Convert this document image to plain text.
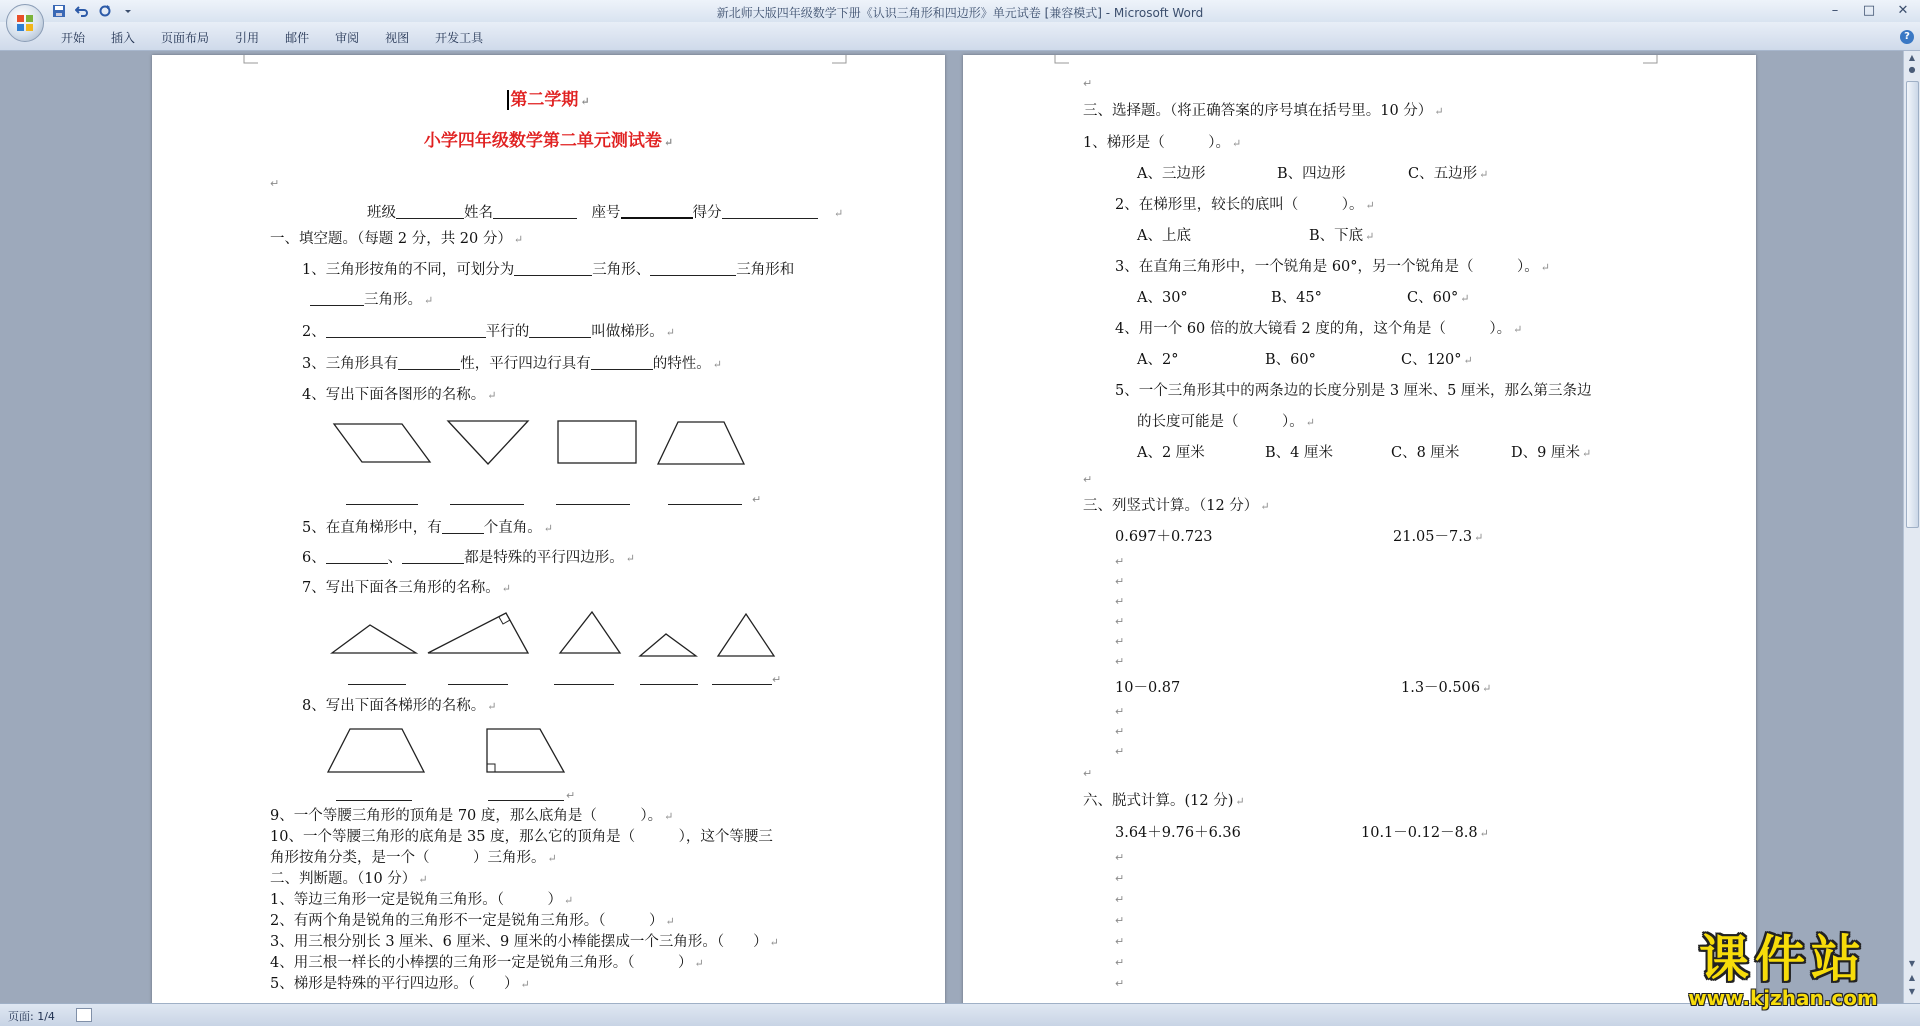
新北师大版四年级数学下册《认识三角形和四边形》单元试卷 [兼容模式] - Microsoft Word	–	□	✕
开始	插入	页面布局	引用	邮件	审阅	视图	开发工具	?
第二学期 ↵
小学四年级数学第二单元测试卷 ↵
↵
班级	姓名　	座号	得分　	↵
一、填空题。（每题 2 分，共 20 分） ↵
1、三角形按角的不同，可划分为	三角形、	三角形和
三角形。 ↵
2、	平行的	叫做梯形。 ↵
3、三角形具有	性，平行四边行具有	的特性。 ↵
4、写出下面各图形的名称。 ↵
↵
5、在直角梯形中，有	个直角。 ↵
6、	、	都是特殊的平行四边形。 ↵
7、写出下面各三角形的名称。 ↵
↵
8、写出下面各梯形的名称。 ↵
↵
9、一个等腰三角形的顶角是 70 度，那么底角是（　　　）。 ↵
10、一个等腰三角形的底角是 35 度，那么它的顶角是（　　　），这个等腰三
角形按角分类，是一个（　　　）三角形。 ↵
二、判断题。（10 分） ↵
1、等边三角形一定是锐角三角形。（　　　） ↵
2、有两个角是锐角的三角形不一定是锐角三角形。（　　　） ↵
3、用三根分别长 3 厘米、6 厘米、9 厘米的小棒能摆成一个三角形。（　　） ↵
4、用三根一样长的小棒摆的三角形一定是锐角三角形。（　　　） ↵
5、梯形是特殊的平行四边形。（　　） ↵
↵
三、选择题。（将正确答案的序号填在括号里。10 分） ↵
1、梯形是（　　　）。 ↵
A、三边形	B、四边形	C、五边形 ↵
2、在梯形里，较长的底叫（　　　）。 ↵
A、上底	B、下底 ↵
3、在直角三角形中，一个锐角是 60°，另一个锐角是（　　　）。 ↵
A、30°	B、45°	C、60° ↵
4、用一个 60 倍的放大镜看 2 度的角，这个角是（　　　）。 ↵
A、2°	B、60°	C、120° ↵
5、一个三角形其中的两条边的长度分别是 3 厘米、5 厘米，那么第三条边
的长度可能是（　　　）。 ↵
A、2 厘米	B、4 厘米	C、8 厘米	D、9 厘米 ↵
↵
三、列竖式计算。（12 分） ↵
0.697＋0.723	21.05－7.3 ↵
↵
↵
↵
↵
↵
↵
10－0.87	1.3－0.506 ↵
↵
↵
↵
↵
六、脱式计算。(12 分) ↵
3.64＋9.76＋6.36	10.1－0.12－8.8 ↵
↵
↵
↵
↵
↵
↵
↵
▲
●
▼
▲
▼
页面: 1/4
课件站
www.kjzhan.com
